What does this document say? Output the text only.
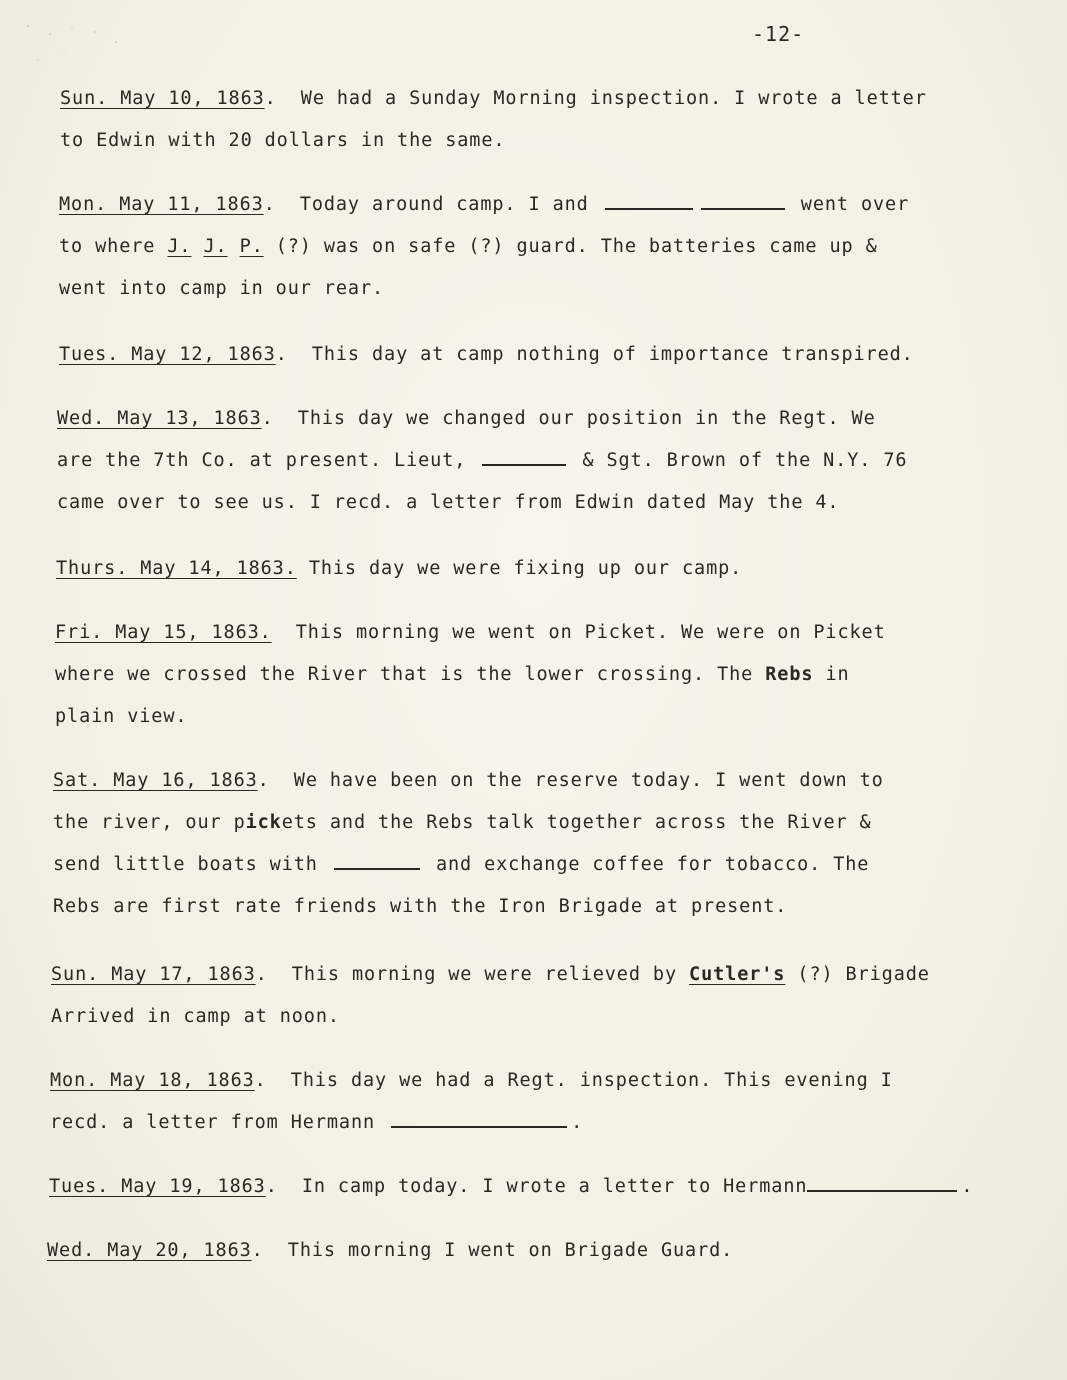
-12-
Sun. May 10, 1863.  We had a Sunday Morning inspection. I wrote a letter
to Edwin with 20 dollars in the same.
Mon. May 11, 1863.  Today around camp. I and	went over
to where J. J. P. (?) was on safe (?) guard. The batteries came up &
went into camp in our rear.
Tues. May 12, 1863.  This day at camp nothing of importance transpired.
Wed. May 13, 1863.  This day we changed our position in the Regt. We
are the 7th Co. at present. Lieut,	& Sgt. Brown of the N.Y. 76
came over to see us. I recd. a letter from Edwin dated May the 4.
Thurs. May 14, 1863. This day we were fixing up our camp.
Fri. May 15, 1863. This morning we went on Picket. We were on Picket
where we crossed the River that is the lower crossing. The Rebs in
plain view.
Sat. May 16, 1863.  We have been on the reserve today. I went down to
the river, our pickets and the Rebs talk together across the River &
send little boats with	and exchange coffee for tobacco. The
Rebs are first rate friends with the Iron Brigade at present.
Sun. May 17, 1863.  This morning we were relieved by Cutler's (?) Brigade
Arrived in camp at noon.
Mon. May 18, 1863.  This day we had a Regt. inspection. This evening I
recd. a letter from Hermann	.
Tues. May 19, 1863.  In camp today. I wrote a letter to Hermann	.
Wed. May 20, 1863.  This morning I went on Brigade Guard.
